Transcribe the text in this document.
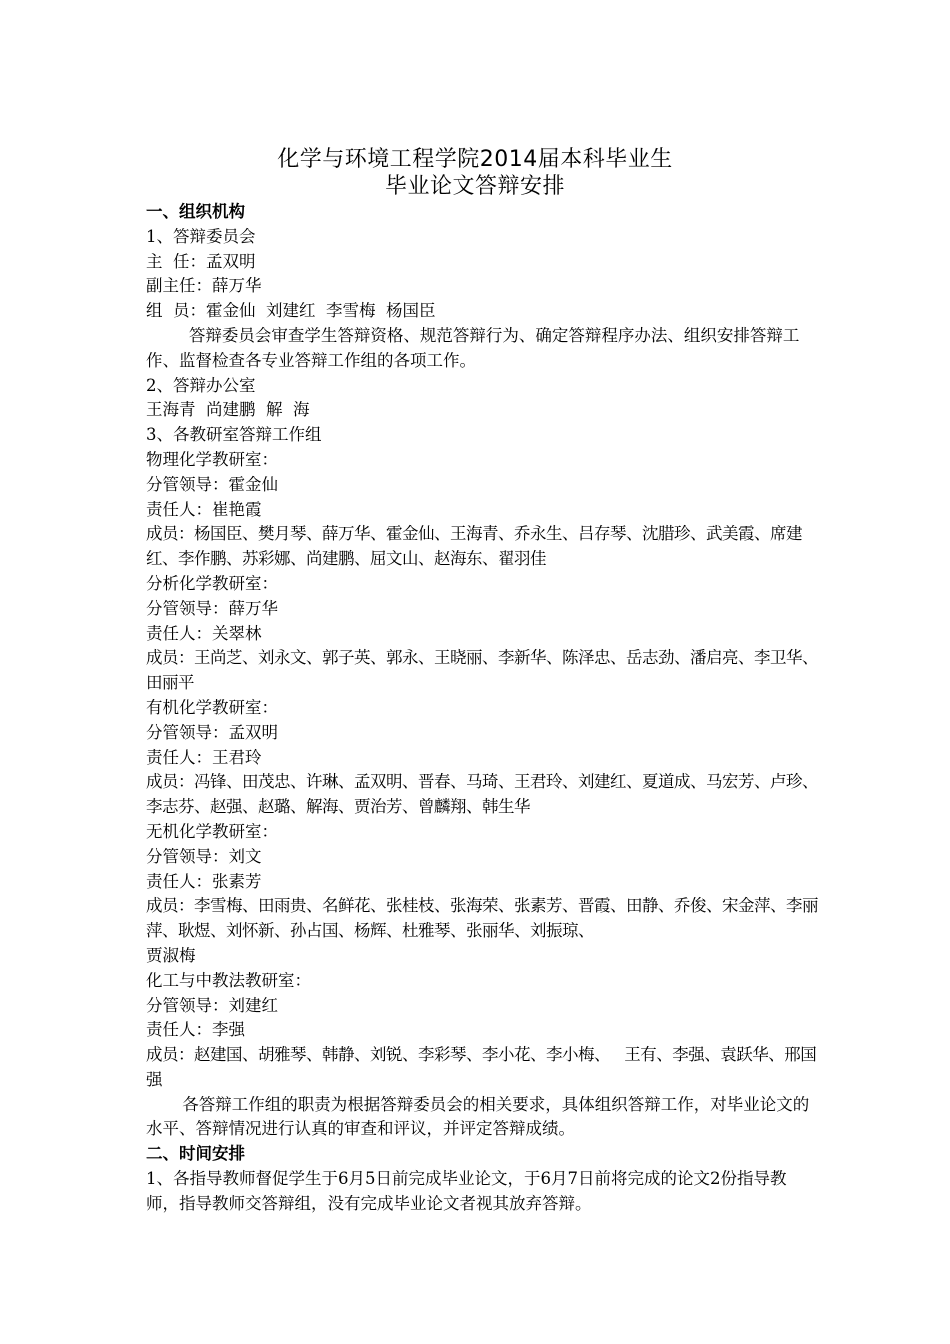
化学与环境工程学院2014届本科毕业生
毕业论文答辩安排

一、组织机构

1、答辩委员会

主  任：孟双明

副主任：薛万华

组  员：霍金仙  刘建红  李雪梅  杨国臣

答辩委员会审查学生答辩资格、规范答辩行为、确定答辩程序办法、组织安排答辩工作、监督检查各专业答辩工作组的各项工作。

2、答辩办公室

王海青  尚建鹏  解  海

3、各教研室答辩工作组

物理化学教研室：

分管领导：霍金仙

责任人：崔艳霞

成员：杨国臣、樊月琴、薛万华、霍金仙、王海青、乔永生、吕存琴、沈腊珍、武美霞、席建红、李作鹏、苏彩娜、尚建鹏、屈文山、赵海东、翟羽佳

分析化学教研室：

分管领导：薛万华

责任人：关翠林

成员：王尚芝、刘永文、郭子英、郭永、王晓丽、李新华、陈泽忠、岳志劲、潘启亮、李卫华、田丽平

有机化学教研室：

分管领导：孟双明

责任人：王君玲

成员：冯锋、田茂忠、许琳、孟双明、晋春、马琦、王君玲、刘建红、夏道成、马宏芳、卢珍、李志芬、赵强、赵璐、解海、贾治芳、曾麟翔、韩生华

无机化学教研室：

分管领导：刘文

责任人：张素芳

成员：李雪梅、田雨贵、名鲜花、张桂枝、张海荣、张素芳、晋霞、田静、乔俊、宋金萍、李丽萍、耿煜、刘怀新、孙占国、杨辉、杜雅琴、张丽华、刘振琼、

贾淑梅

化工与中教法教研室：

分管领导：刘建红

责任人：李强

成员：赵建国、胡雅琴、韩静、刘锐、李彩琴、李小花、李小梅、   王有、李强、袁跃华、邢国强

各答辩工作组的职责为根据答辩委员会的相关要求，具体组织答辩工作，对毕业论文的水平、答辩情况进行认真的审查和评议，并评定答辩成绩。

二、时间安排

1、各指导教师督促学生于6月5日前完成毕业论文，于6月7日前将完成的论文2份指导教师，指导教师交答辩组，没有完成毕业论文者视其放弃答辩。
